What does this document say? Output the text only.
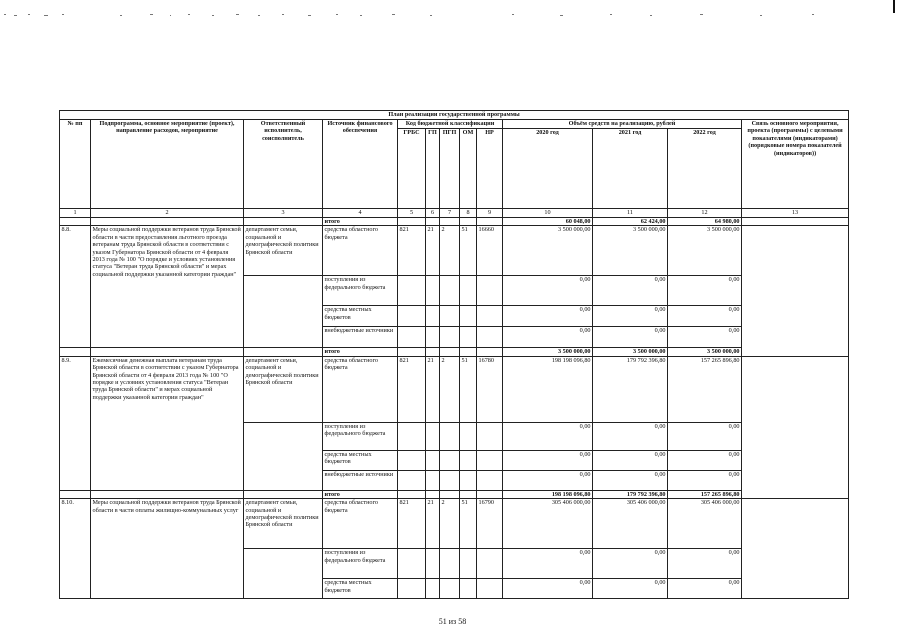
План реализации государственной программы												
№ пп	Подпрограмма, основное мероприятие (проект), направление расходов, мероприятие	Ответственный исполнитель, соисполнитель	Источник финансового обеспечения	Код бюджетной классификации					Объём средств на реализацию, рублей			Связь основного мероприятия, проекта (программы) с целевыми показателями (индикаторами) (порядковые номера показателей (индикаторов))
				ГРБС	ГП	ПГП	ОМ	НР	2020 год	2021 год	2022 год	
1	2	3	4	5	6	7	8	9	10	11	12	13
			итого						60 048,00	62 424,00	64 980,00	
8.8.	Меры социальной поддержки ветеранов труда Брянской области в части предоставления льготного проезда ветеранам труда Брянской области в соответствии с указом Губернатора Брянской области от 4 февраля 2013 года № 100 "О порядке и условиях установления статуса "Ветеран труда Брянской области" и мерах социальной поддержки указанной категории граждан"	департамент семьи, социальной и демографической политики Брянской области	средства областного бюджета	821	21	2	51	16660	3 500 000,00	3 500 000,00	3 500 000,00	
			поступления из федерального бюджета						0,00	0,00	0,00	
			средства местных бюджетов						0,00	0,00	0,00	
			внебюджетные источники						0,00	0,00	0,00	
			итого						3 500 000,00	3 500 000,00	3 500 000,00	
8.9.	Ежемесячная денежная выплата ветеранам труда Брянской области в соответствии с указом Губернатора Брянской области от 4 февраля 2013 года № 100 "О порядке и условиях установления статуса "Ветеран труда Брянской области" и мерах социальной поддержки указанной категории граждан"	департамент семьи, социальной и демографической политики Брянской области	средства областного бюджета	821	21	2	51	16780	198 198 096,80	179 792 396,80	157 265 896,80	
			поступления из федерального бюджета						0,00	0,00	0,00	
			средства местных бюджетов						0,00	0,00	0,00	
			внебюджетные источники						0,00	0,00	0,00	
			итого						198 198 096,80	179 792 396,80	157 265 896,80	
8.10.	Меры социальной поддержки ветеранов труда Брянской области в части оплаты жилищно-коммунальных услуг	департамент семьи, социальной и демографической политики Брянской области	средства областного бюджета	821	21	2	51	16790	305 406 000,00	305 406 000,00	305 406 000,00	
			поступления из федерального бюджета						0,00	0,00	0,00	
			средства местных бюджетов						0,00	0,00	0,00	
51 из 58
